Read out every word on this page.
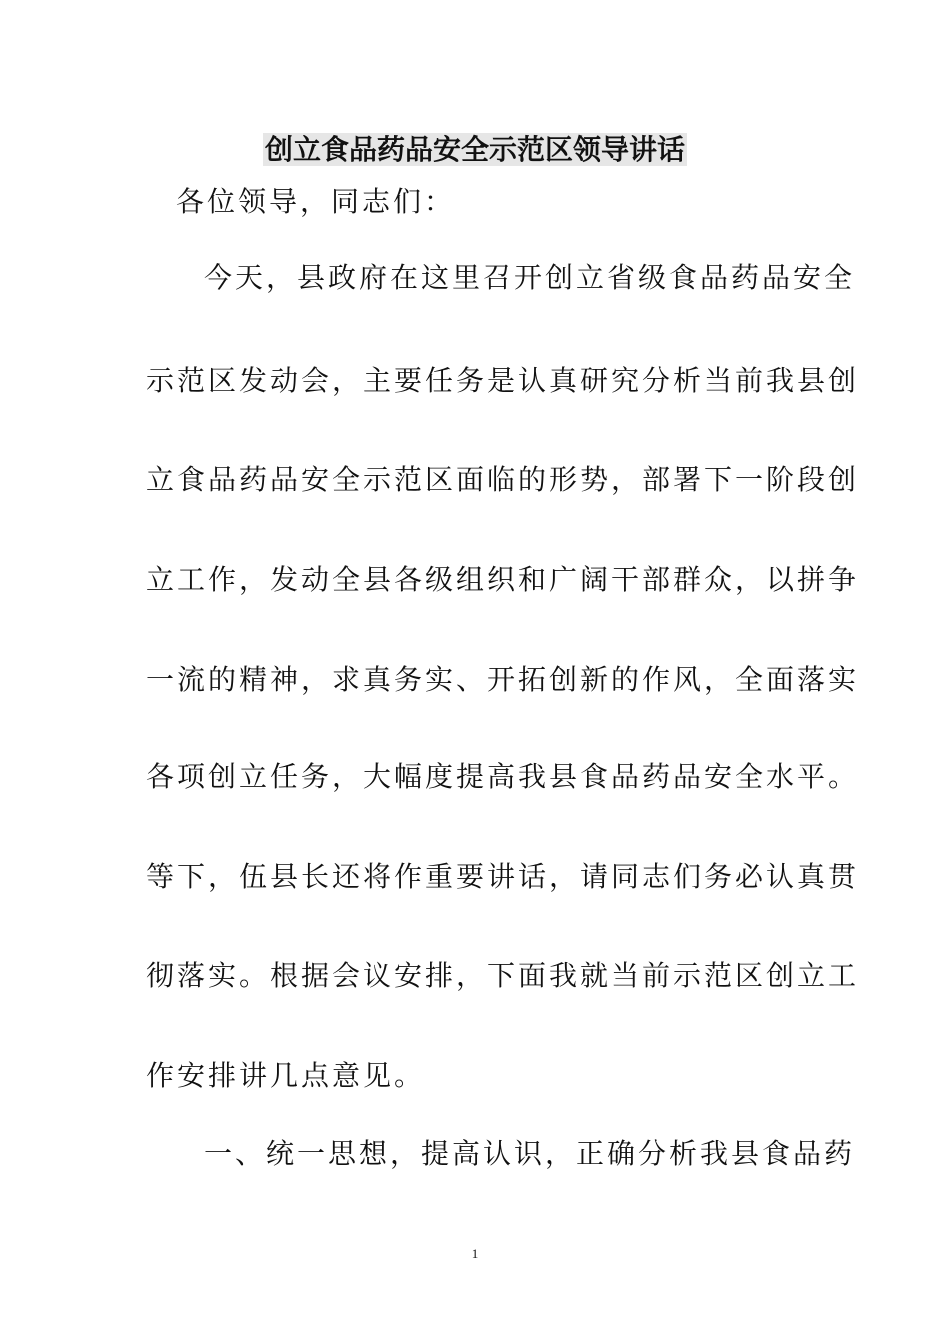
创立食品药品安全示范区领导讲话

各位领导，同志们：

今天，县政府在这里召开创立省级食品药品安全

示范区发动会，主要任务是认真研究分析当前我县创

立食品药品安全示范区面临的形势，部署下一阶段创

立工作，发动全县各级组织和广阔干部群众，以拼争

一流的精神，求真务实、开拓创新的作风，全面落实

各项创立任务，大幅度提高我县食品药品安全水平。

等下，伍县长还将作重要讲话，请同志们务必认真贯

彻落实。根据会议安排，下面我就当前示范区创立工

作安排讲几点意见。

一、统一思想，提高认识，正确分析我县食品药

1
